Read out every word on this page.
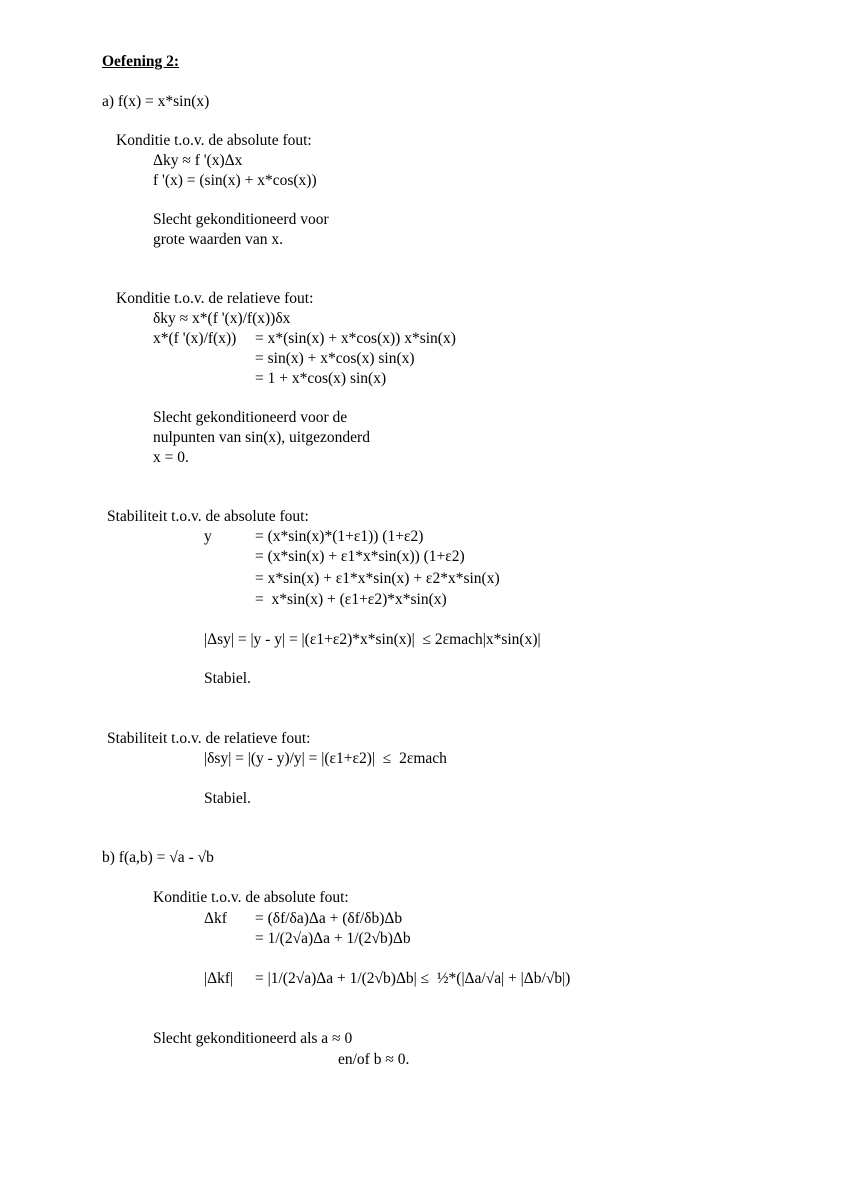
Oefening 2:

a) f(x) = x*sin(x)

Konditie t.o.v. de absolute fout:

Δky ≈ f '(x)Δx

f '(x) = (sin(x) + x*cos(x))

Slecht gekonditioneerd voor

grote waarden van x.

Konditie t.o.v. de relatieve fout:

δky ≈ x*(f '(x)/f(x))δx

x*(f '(x)/f(x)) = x*(sin(x) + x*cos(x)) x*sin(x)

= sin(x) + x*cos(x) sin(x)

= 1 + x*cos(x) sin(x)

Slecht gekonditioneerd voor de

nulpunten van sin(x), uitgezonderd

x = 0.

Stabiliteit t.o.v. de absolute fout:

y	= (x*sin(x)*(1+ε1)) (1+ε2)

= (x*sin(x) + ε1*x*sin(x)) (1+ε2)

= x*sin(x) + ε1*x*sin(x) + ε2*x*sin(x)

=  x*sin(x) + (ε1+ε2)*x*sin(x)

|Δsy| = |y - y| = |(ε1+ε2)*x*sin(x)|  ≤ 2εmach|x*sin(x)|

Stabiel.

Stabiliteit t.o.v. de relatieve fout:

|δsy| = |(y - y)/y| = |(ε1+ε2)|  ≤  2εmach

Stabiel.

b) f(a,b) = √a - √b

Konditie t.o.v. de absolute fout:

Δkf = (δf/δa)Δa + (δf/δb)Δb

= 1/(2√a)Δa + 1/(2√b)Δb

|Δkf| = |1/(2√a)Δa + 1/(2√b)Δb| ≤  ½*(|Δa/√a| + |Δb/√b|)

Slecht gekonditioneerd als a ≈ 0

en/of b ≈ 0.
